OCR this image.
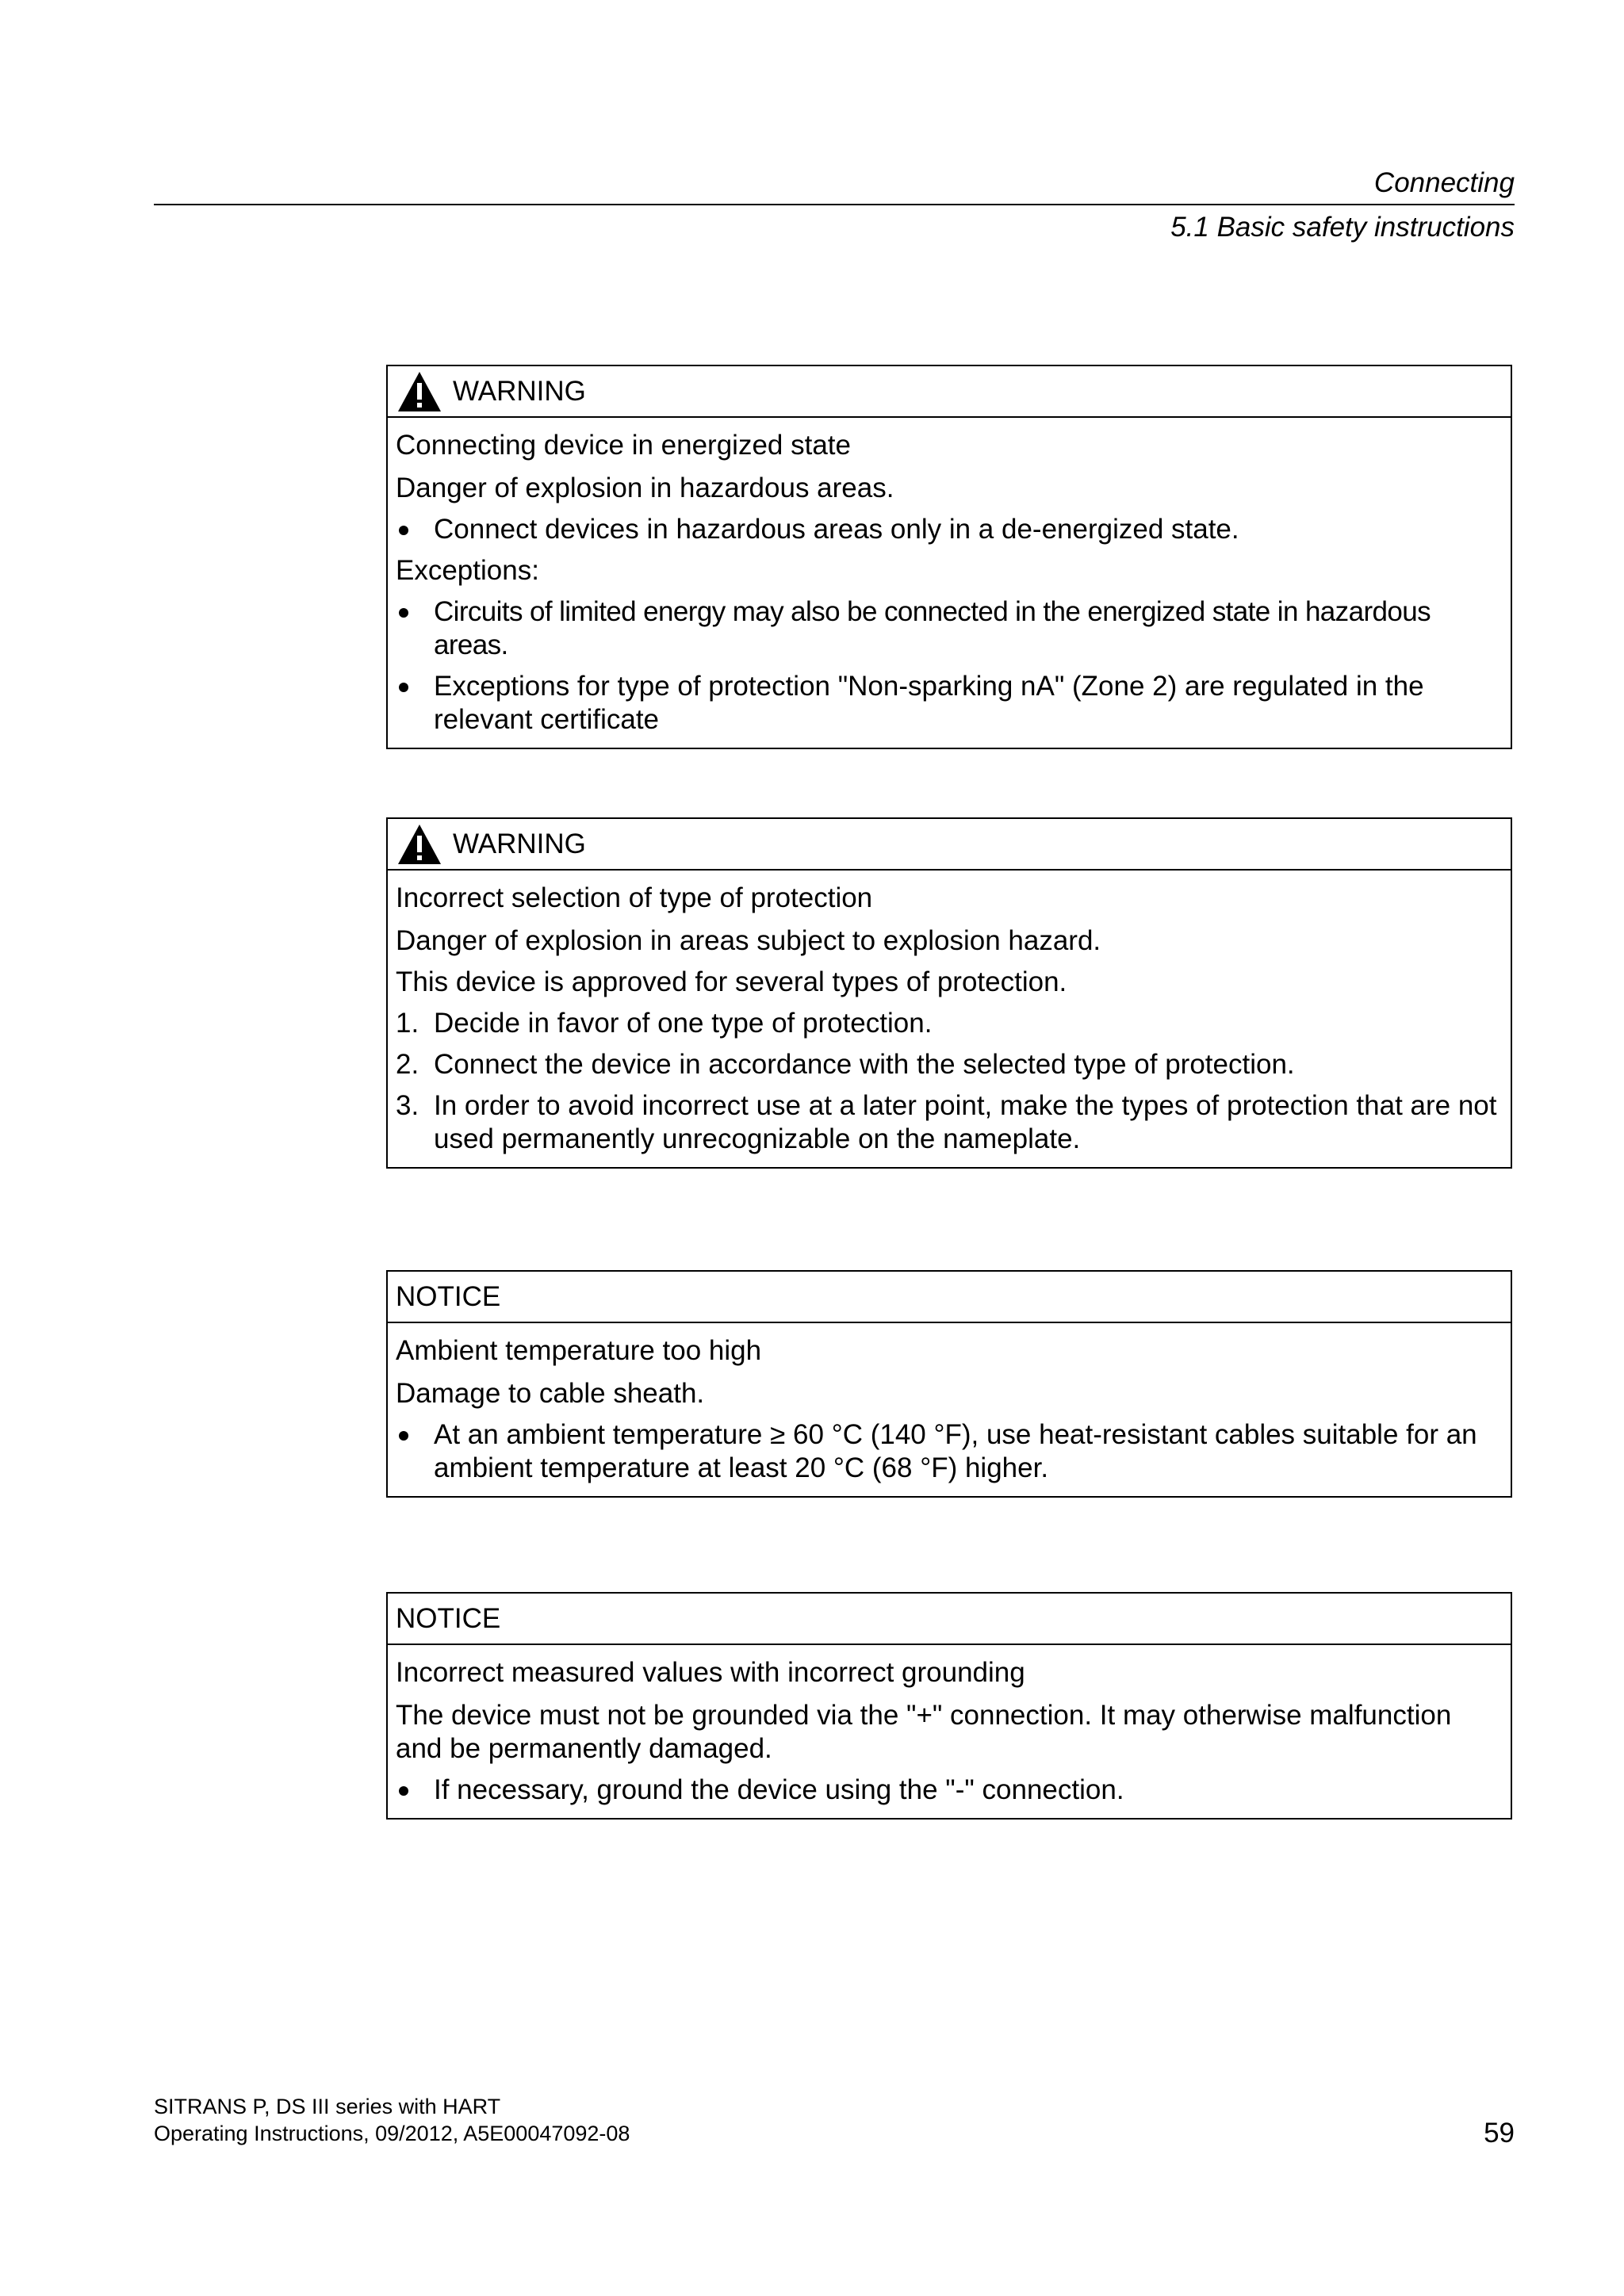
Connecting
5.1 Basic safety instructions
WARNING
Connecting device in energized state
Danger of explosion in hazardous areas.
Connect devices in hazardous areas only in a de-energized state.
Exceptions:
Circuits of limited energy may also be connected in the energized state in hazardous areas.
Exceptions for type of protection "Non-sparking nA" (Zone 2) are regulated in the relevant certificate
WARNING
Incorrect selection of type of protection
Danger of explosion in areas subject to explosion hazard.
This device is approved for several types of protection.
1. Decide in favor of one type of protection.
2. Connect the device in accordance with the selected type of protection.
3. In order to avoid incorrect use at a later point, make the types of protection that are not used permanently unrecognizable on the nameplate.
NOTICE
Ambient temperature too high
Damage to cable sheath.
At an ambient temperature ≥ 60 °C (140 °F), use heat-resistant cables suitable for an ambient temperature at least 20 °C (68 °F) higher.
NOTICE
Incorrect measured values with incorrect grounding
The device must not be grounded via the "+" connection. It may otherwise malfunction and be permanently damaged.
If necessary, ground the device using the "-" connection.
SITRANS P, DS III series with HART
Operating Instructions, 09/2012, A5E00047092-08	59
